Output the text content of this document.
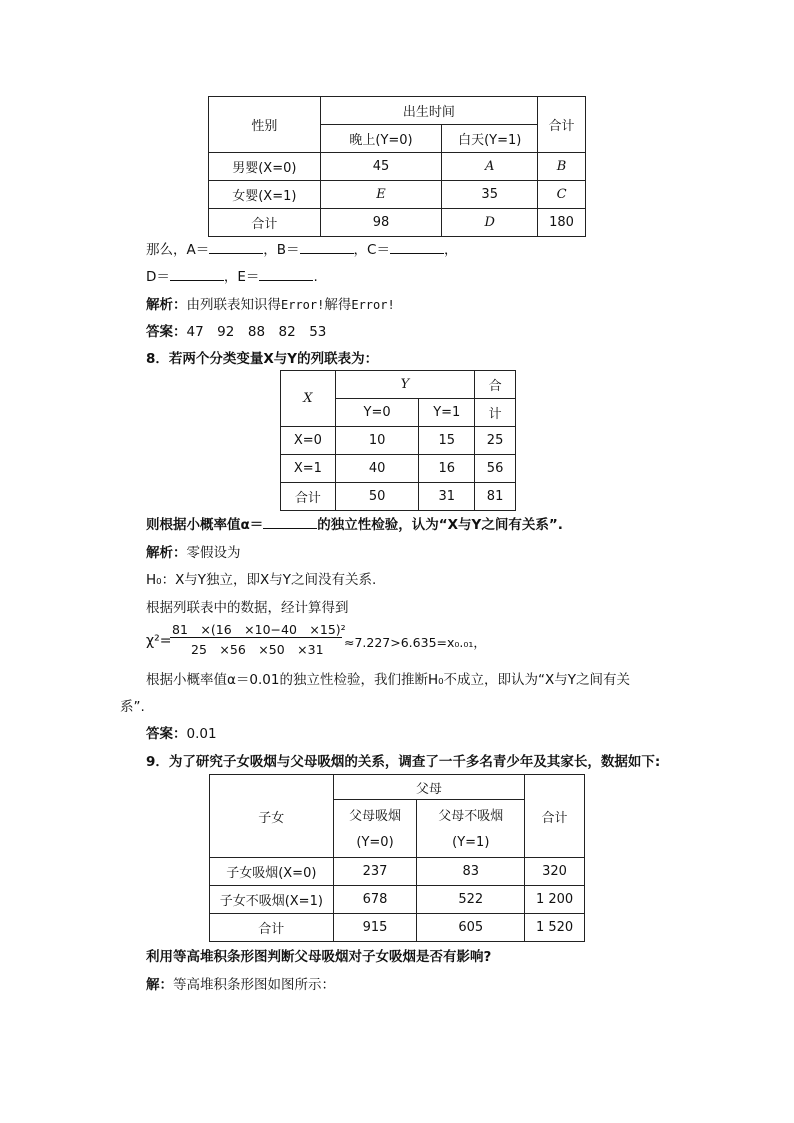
性别	出生时间		合计
	晚上(Y=0)	白天(Y=1)	
男婴(X=0)	45	A	B
女婴(X=1)	E	35	C
合计	98	D	180
那么，A＝	，B＝	，C＝	，
D＝	，E＝	.
解析：由列联表知识得Error!解得Error!
答案：47　92　88　82　53
8．若两个分类变量X与Y的列联表为：
X	Y		合
	Y=0	Y=1	计
X=0	10	15	25
X=1	40	16	56
合计	50	31	81
则根据小概率值α＝	的独立性检验，认为“X与Y之间有关系”.
解析：零假设为
H₀：X与Y独立，即X与Y之间没有关系.
根据列联表中的数据，经计算得到
χ²=
81　×(16　×10−40　×15)²
25　×56　×50　×31 ≈7.227>6.635=x₀.₀₁，
根据小概率值α＝0.01的独立性检验，我们推断H₀不成立，即认为“X与Y之间有关
系”.
答案：0.01
9．为了研究子女吸烟与父母吸烟的关系，调查了一千多名青少年及其家长，数据如下:
子女	父母		合计
	父母吸烟	父母不吸烟	
	(Y=0)	(Y=1)	
子女吸烟(X=0)	237	83	320
子女不吸烟(X=1)	678	522	1 200
合计	915	605	1 520
利用等高堆积条形图判断父母吸烟对子女吸烟是否有影响?
解：等高堆积条形图如图所示：
